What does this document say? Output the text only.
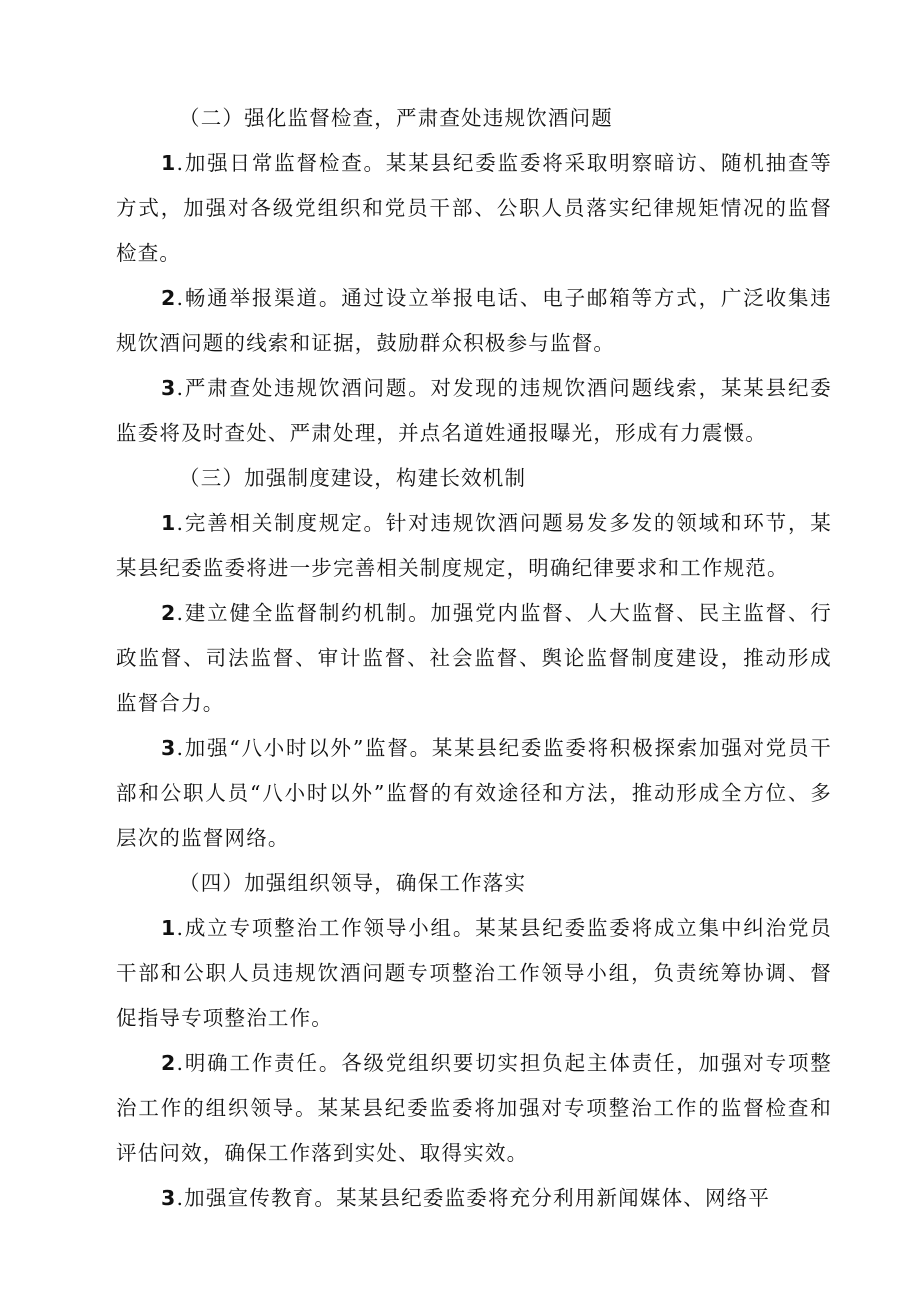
（二）强化监督检查，严肃查处违规饮酒问题

1.加强日常监督检查。某某县纪委监委将采取明察暗访、随机抽查等方式，加强对各级党组织和党员干部、公职人员落实纪律规矩情况的监督检查。

2.畅通举报渠道。通过设立举报电话、电子邮箱等方式，广泛收集违规饮酒问题的线索和证据，鼓励群众积极参与监督。

3.严肃查处违规饮酒问题。对发现的违规饮酒问题线索，某某县纪委监委将及时查处、严肃处理，并点名道姓通报曝光，形成有力震慑。

（三）加强制度建设，构建长效机制

1.完善相关制度规定。针对违规饮酒问题易发多发的领域和环节，某某县纪委监委将进一步完善相关制度规定，明确纪律要求和工作规范。

2.建立健全监督制约机制。加强党内监督、人大监督、民主监督、行政监督、司法监督、审计监督、社会监督、舆论监督制度建设，推动形成监督合力。

3.加强“八小时以外”监督。某某县纪委监委将积极探索加强对党员干部和公职人员“八小时以外”监督的有效途径和方法，推动形成全方位、多层次的监督网络。

（四）加强组织领导，确保工作落实

1.成立专项整治工作领导小组。某某县纪委监委将成立集中纠治党员干部和公职人员违规饮酒问题专项整治工作领导小组，负责统筹协调、督促指导专项整治工作。

2.明确工作责任。各级党组织要切实担负起主体责任，加强对专项整治工作的组织领导。某某县纪委监委将加强对专项整治工作的监督检查和评估问效，确保工作落到实处、取得实效。

3.加强宣传教育。某某县纪委监委将充分利用新闻媒体、网络平
